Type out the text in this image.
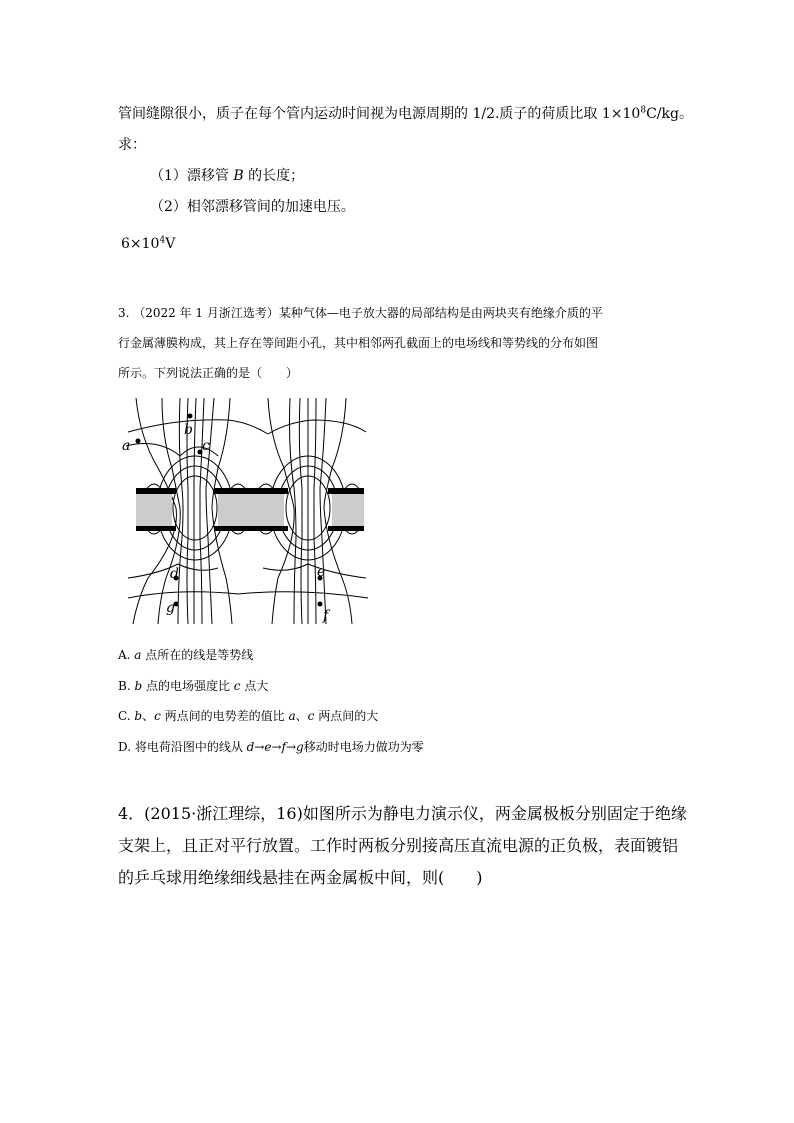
管间缝隙很小，质子在每个管内运动时间视为电源周期的 1/2.质子的荷质比取 $1\times 10^8C/kg$。
求：
（1）漂移管 B 的长度；
（2）相邻漂移管间的加速电压。
$6\times 10^4V$
3. （2022 年 1 月浙江选考）某种气体—电子放大器的局部结构是由两块夹有绝缘介质的平
行金属薄膜构成，其上存在等间距小孔，其中相邻两孔截面上的电场线和等势线的分布如图
所示。下列说法正确的是（　　）
a
b
c
d	e
f
g
A. a 点所在的线是等势线
B. b 点的电场强度比 c 点大
C. b、c 两点间的电势差的值比 a、c 两点间的大
D. 将电荷沿图中的线从 d→e→f→g移动时电场力做功为零
4．(2015·浙江理综，16)如图所示为静电力演示仪，两金属极板分别固定于绝缘
支架上，且正对平行放置。工作时两板分别接高压直流电源的正负极，表面镀铝
的乒乓球用绝缘细线悬挂在两金属板中间，则(　　)
